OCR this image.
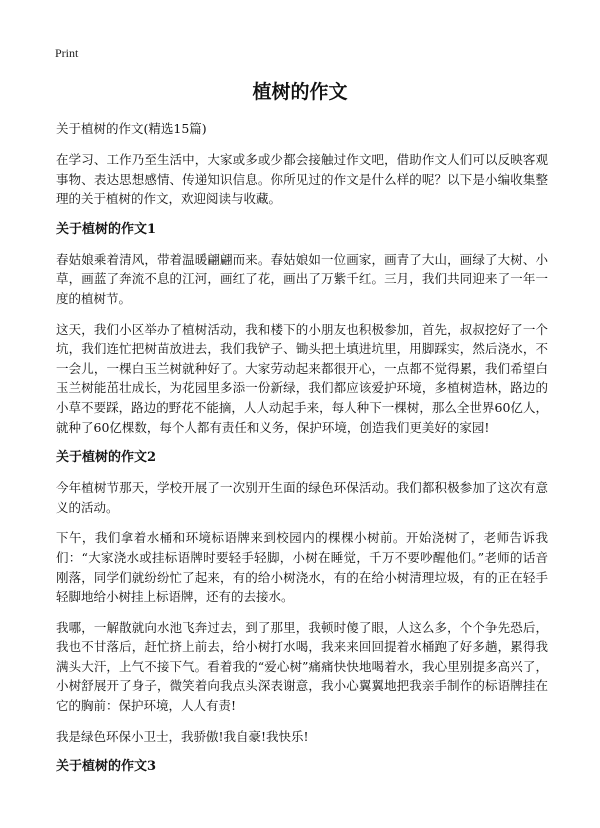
Print
植树的作文
关于植树的作文(精选15篇)

在学习、工作乃至生活中，大家或多或少都会接触过作文吧，借助作文人们可以反映客观事物、表达思想感情、传递知识信息。你所见过的作文是什么样的呢？以下是小编收集整理的关于植树的作文，欢迎阅读与收藏。

关于植树的作文1

春姑娘乘着清风，带着温暖翩翩而来。春姑娘如一位画家，画青了大山，画绿了大树、小草，画蓝了奔流不息的江河，画红了花，画出了万紫千红。三月，我们共同迎来了一年一度的植树节。

这天，我们小区举办了植树活动，我和楼下的小朋友也积极参加，首先，叔叔挖好了一个坑，我们连忙把树苗放进去，我们我铲子、锄头把土填进坑里，用脚踩实，然后浇水，不一会儿，一棵白玉兰树就种好了。大家劳动起来都很开心，一点都不觉得累，我们希望白玉兰树能茁壮成长，为花园里多添一份新绿，我们都应该爱护环境，多植树造林，路边的小草不要踩，路边的野花不能摘，人人动起手来，每人种下一棵树，那么全世界60亿人，就种了60亿棵数，每个人都有责任和义务，保护环境，创造我们更美好的家园!

关于植树的作文2

今年植树节那天，学校开展了一次别开生面的绿色环保活动。我们都积极参加了这次有意义的活动。

下午，我们拿着水桶和环境标语牌来到校园内的棵棵小树前。开始浇树了，老师告诉我们：“大家浇水或挂标语牌时要轻手轻脚，小树在睡觉，千万不要吵醒他们。”老师的话音刚落，同学们就纷纷忙了起来，有的给小树浇水，有的在给小树清理垃圾，有的正在轻手轻脚地给小树挂上标语牌，还有的去接水。

我哪，一解散就向水池飞奔过去，到了那里，我顿时傻了眼，人这么多，个个争先恐后，我也不甘落后，赶忙挤上前去，给小树打水喝，我来来回回提着水桶跑了好多趟，累得我满头大汗，上气不接下气。看着我的“爱心树”痛痛快快地喝着水，我心里别提多高兴了，小树舒展开了身子，微笑着向我点头深表谢意，我小心翼翼地把我亲手制作的标语牌挂在它的胸前：保护环境，人人有责!

我是绿色环保小卫士，我骄傲!我自豪!我快乐!

关于植树的作文3
